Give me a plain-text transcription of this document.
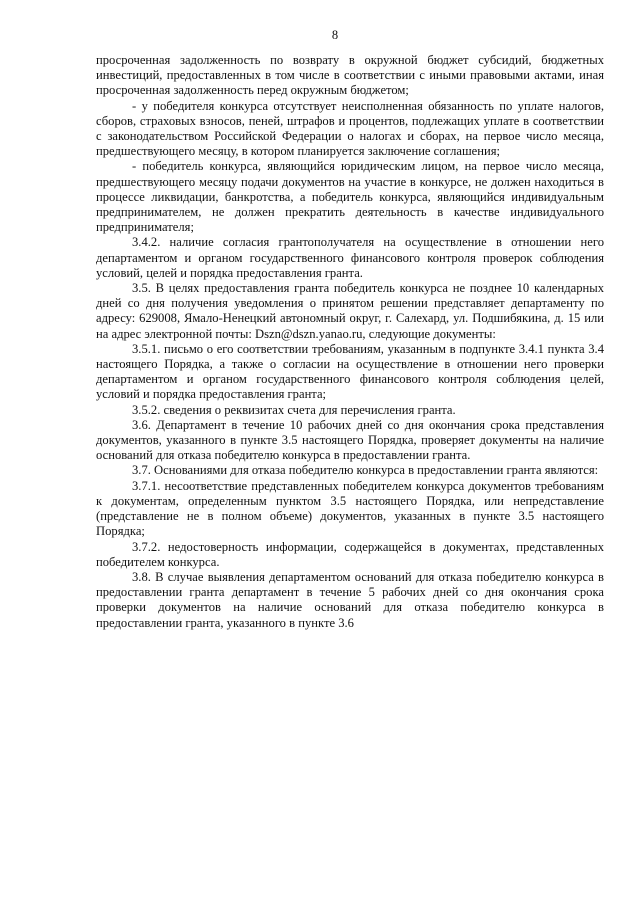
8

просроченная задолженность по возврату в окружной бюджет субсидий, бюджетных инвестиций, предоставленных в том числе в соответствии с иными правовыми актами, иная просроченная задолженность перед окружным бюджетом;

- у победителя конкурса отсутствует неисполненная обязанность по уплате налогов, сборов, страховых взносов, пеней, штрафов и процентов, подлежащих уплате в соответствии с законодательством Российской Федерации о налогах и сборах, на первое число месяца, предшествующего месяцу, в котором планируется заключение соглашения;

- победитель конкурса, являющийся юридическим лицом, на первое число месяца, предшествующего месяцу подачи документов на участие в конкурсе, не должен находиться в процессе ликвидации, банкротства, а победитель конкурса, являющийся индивидуальным предпринимателем, не должен прекратить деятельность в качестве индивидуального предпринимателя;

3.4.2. наличие согласия грантополучателя на осуществление в отношении него департаментом и органом государственного финансового контроля проверок соблюдения условий, целей и порядка предоставления гранта.

3.5. В целях предоставления гранта победитель конкурса не позднее 10 календарных дней со дня получения уведомления о принятом решении представляет департаменту по адресу: 629008, Ямало-Ненецкий автономный округ, г. Салехард, ул. Подшибякина, д. 15 или на адрес электронной почты: Dszn@dszn.yanao.ru, следующие документы:

3.5.1. письмо о его соответствии требованиям, указанным в подпункте 3.4.1 пункта 3.4 настоящего Порядка, а также о согласии на осуществление в отношении него проверки департаментом и органом государственного финансового контроля соблюдения целей, условий и порядка предоставления гранта;

3.5.2. сведения о реквизитах счета для перечисления гранта.

3.6. Департамент в течение 10 рабочих дней со дня окончания срока представления документов, указанного в пункте 3.5 настоящего Порядка, проверяет документы на наличие оснований для отказа победителю конкурса в предоставлении гранта.

3.7. Основаниями для отказа победителю конкурса в предоставлении гранта являются:

3.7.1. несоответствие представленных победителем конкурса документов требованиям к документам, определенным пунктом 3.5 настоящего Порядка, или непредставление (представление не в полном объеме) документов, указанных в пункте 3.5 настоящего Порядка;

3.7.2. недостоверность информации, содержащейся в документах, представленных победителем конкурса.

3.8. В случае выявления департаментом оснований для отказа победителю конкурса в предоставлении гранта департамент в течение 5 рабочих дней со дня окончания срока проверки документов на наличие оснований для отказа победителю конкурса в предоставлении гранта, указанного в пункте 3.6
